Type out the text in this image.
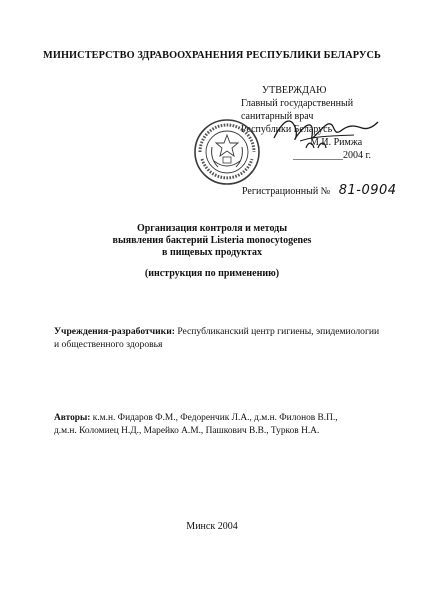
МИНИСТЕРСТВО ЗДРАВООХРАНЕНИЯ РЕСПУБЛИКИ БЕЛАРУСЬ
УТВЕРЖДАЮ
Главный государственный
санитарный врач
Республики Беларусь
М.И. Римжа
__________2004 г.
Регистрационный № 81-0904
Организация контроля и методы
выявления бактерий Listeria monocytogenes
в пищевых продуктах
(инструкция по применению)
Учреждения-разработчики: Республиканский центр гигиены, эпидемиологии и общественного здоровья
Авторы: к.м.н. Фидаров Ф.М., Федоренчик Л.А., д.м.н. Филонов В.П.,
д.м.н. Коломиец Н.Д., Марейко А.М., Пашкович В.В., Турков Н.А.
Минск 2004
